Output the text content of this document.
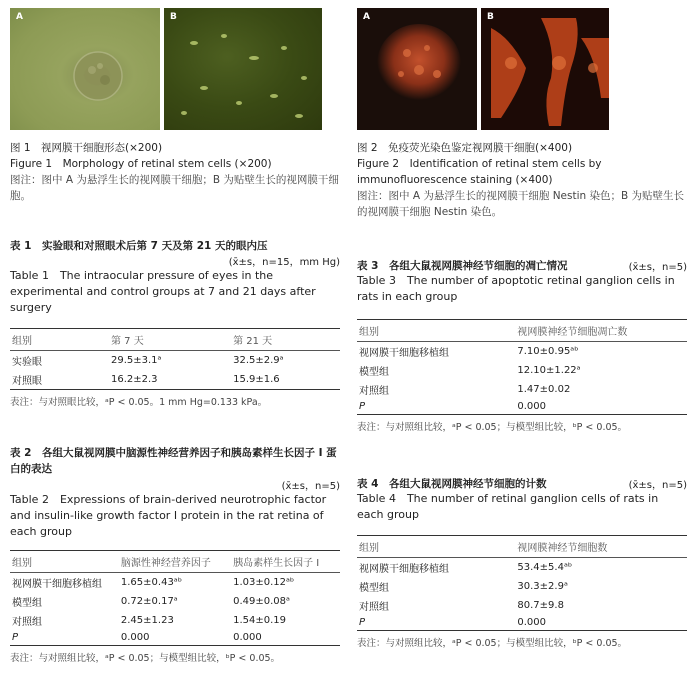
A	B
图 1　视网膜干细胞形态(×200)
Figure 1　Morphology of retinal stem cells (×200)
图注：图中 A 为悬浮生长的视网膜干细胞；B 为贴壁生长的视网膜干细胞。
表 1　实验眼和对照眼术后第 7 天及第 21 天的眼内压
(x̄±s，n=15，mm Hg)
Table 1　The intraocular pressure of eyes in the experimental and control groups at 7 and 21 days after surgery
组别	第 7 天	第 21 天
实验眼	29.5±3.1ᵃ	32.5±2.9ᵃ
对照眼	16.2±2.3	15.9±1.6
表注：与对照眼比较，ᵃP < 0.05。1 mm Hg=0.133 kPa。
表 2　各组大鼠视网膜中脑源性神经营养因子和胰岛素样生长因子 I 蛋白的表达
(x̄±s，n=5)
Table 2　Expressions of brain-derived neurotrophic factor and insulin-like growth factor I protein in the rat retina of each group
组别	脑源性神经营养因子	胰岛素样生长因子 I
视网膜干细胞移植组	1.65±0.43ᵃᵇ	1.03±0.12ᵃᵇ
模型组	0.72±0.17ᵃ	0.49±0.08ᵃ
对照组	2.45±1.23	1.54±0.19
P	0.000	0.000
表注：与对照组比较，ᵃP < 0.05；与模型组比较，ᵇP < 0.05。
A	B
图 2　免疫荧光染色鉴定视网膜干细胞(×400)
Figure 2　Identification of retinal stem cells by immunofluorescence staining (×400)
图注：图中 A 为悬浮生长的视网膜干细胞 Nestin 染色；B 为贴壁生长的视网膜干细胞 Nestin 染色。
表 3　各组大鼠视网膜神经节细胞的凋亡情况	(x̄±s，n=5)
Table 3　The number of apoptotic retinal ganglion cells in rats in each group
组别	视网膜神经节细胞凋亡数
视网膜干细胞移植组	7.10±0.95ᵃᵇ
模型组	12.10±1.22ᵃ
对照组	1.47±0.02
P	0.000
表注：与对照组比较，ᵃP < 0.05；与模型组比较，ᵇP < 0.05。
表 4　各组大鼠视网膜神经节细胞的计数	(x̄±s，n=5)
Table 4　The number of retinal ganglion cells of rats in each group
组别	视网膜神经节细胞数
视网膜干细胞移植组	53.4±5.4ᵃᵇ
模型组	30.3±2.9ᵃ
对照组	80.7±9.8
P	0.000
表注：与对照组比较，ᵃP < 0.05；与模型组比较，ᵇP < 0.05。
